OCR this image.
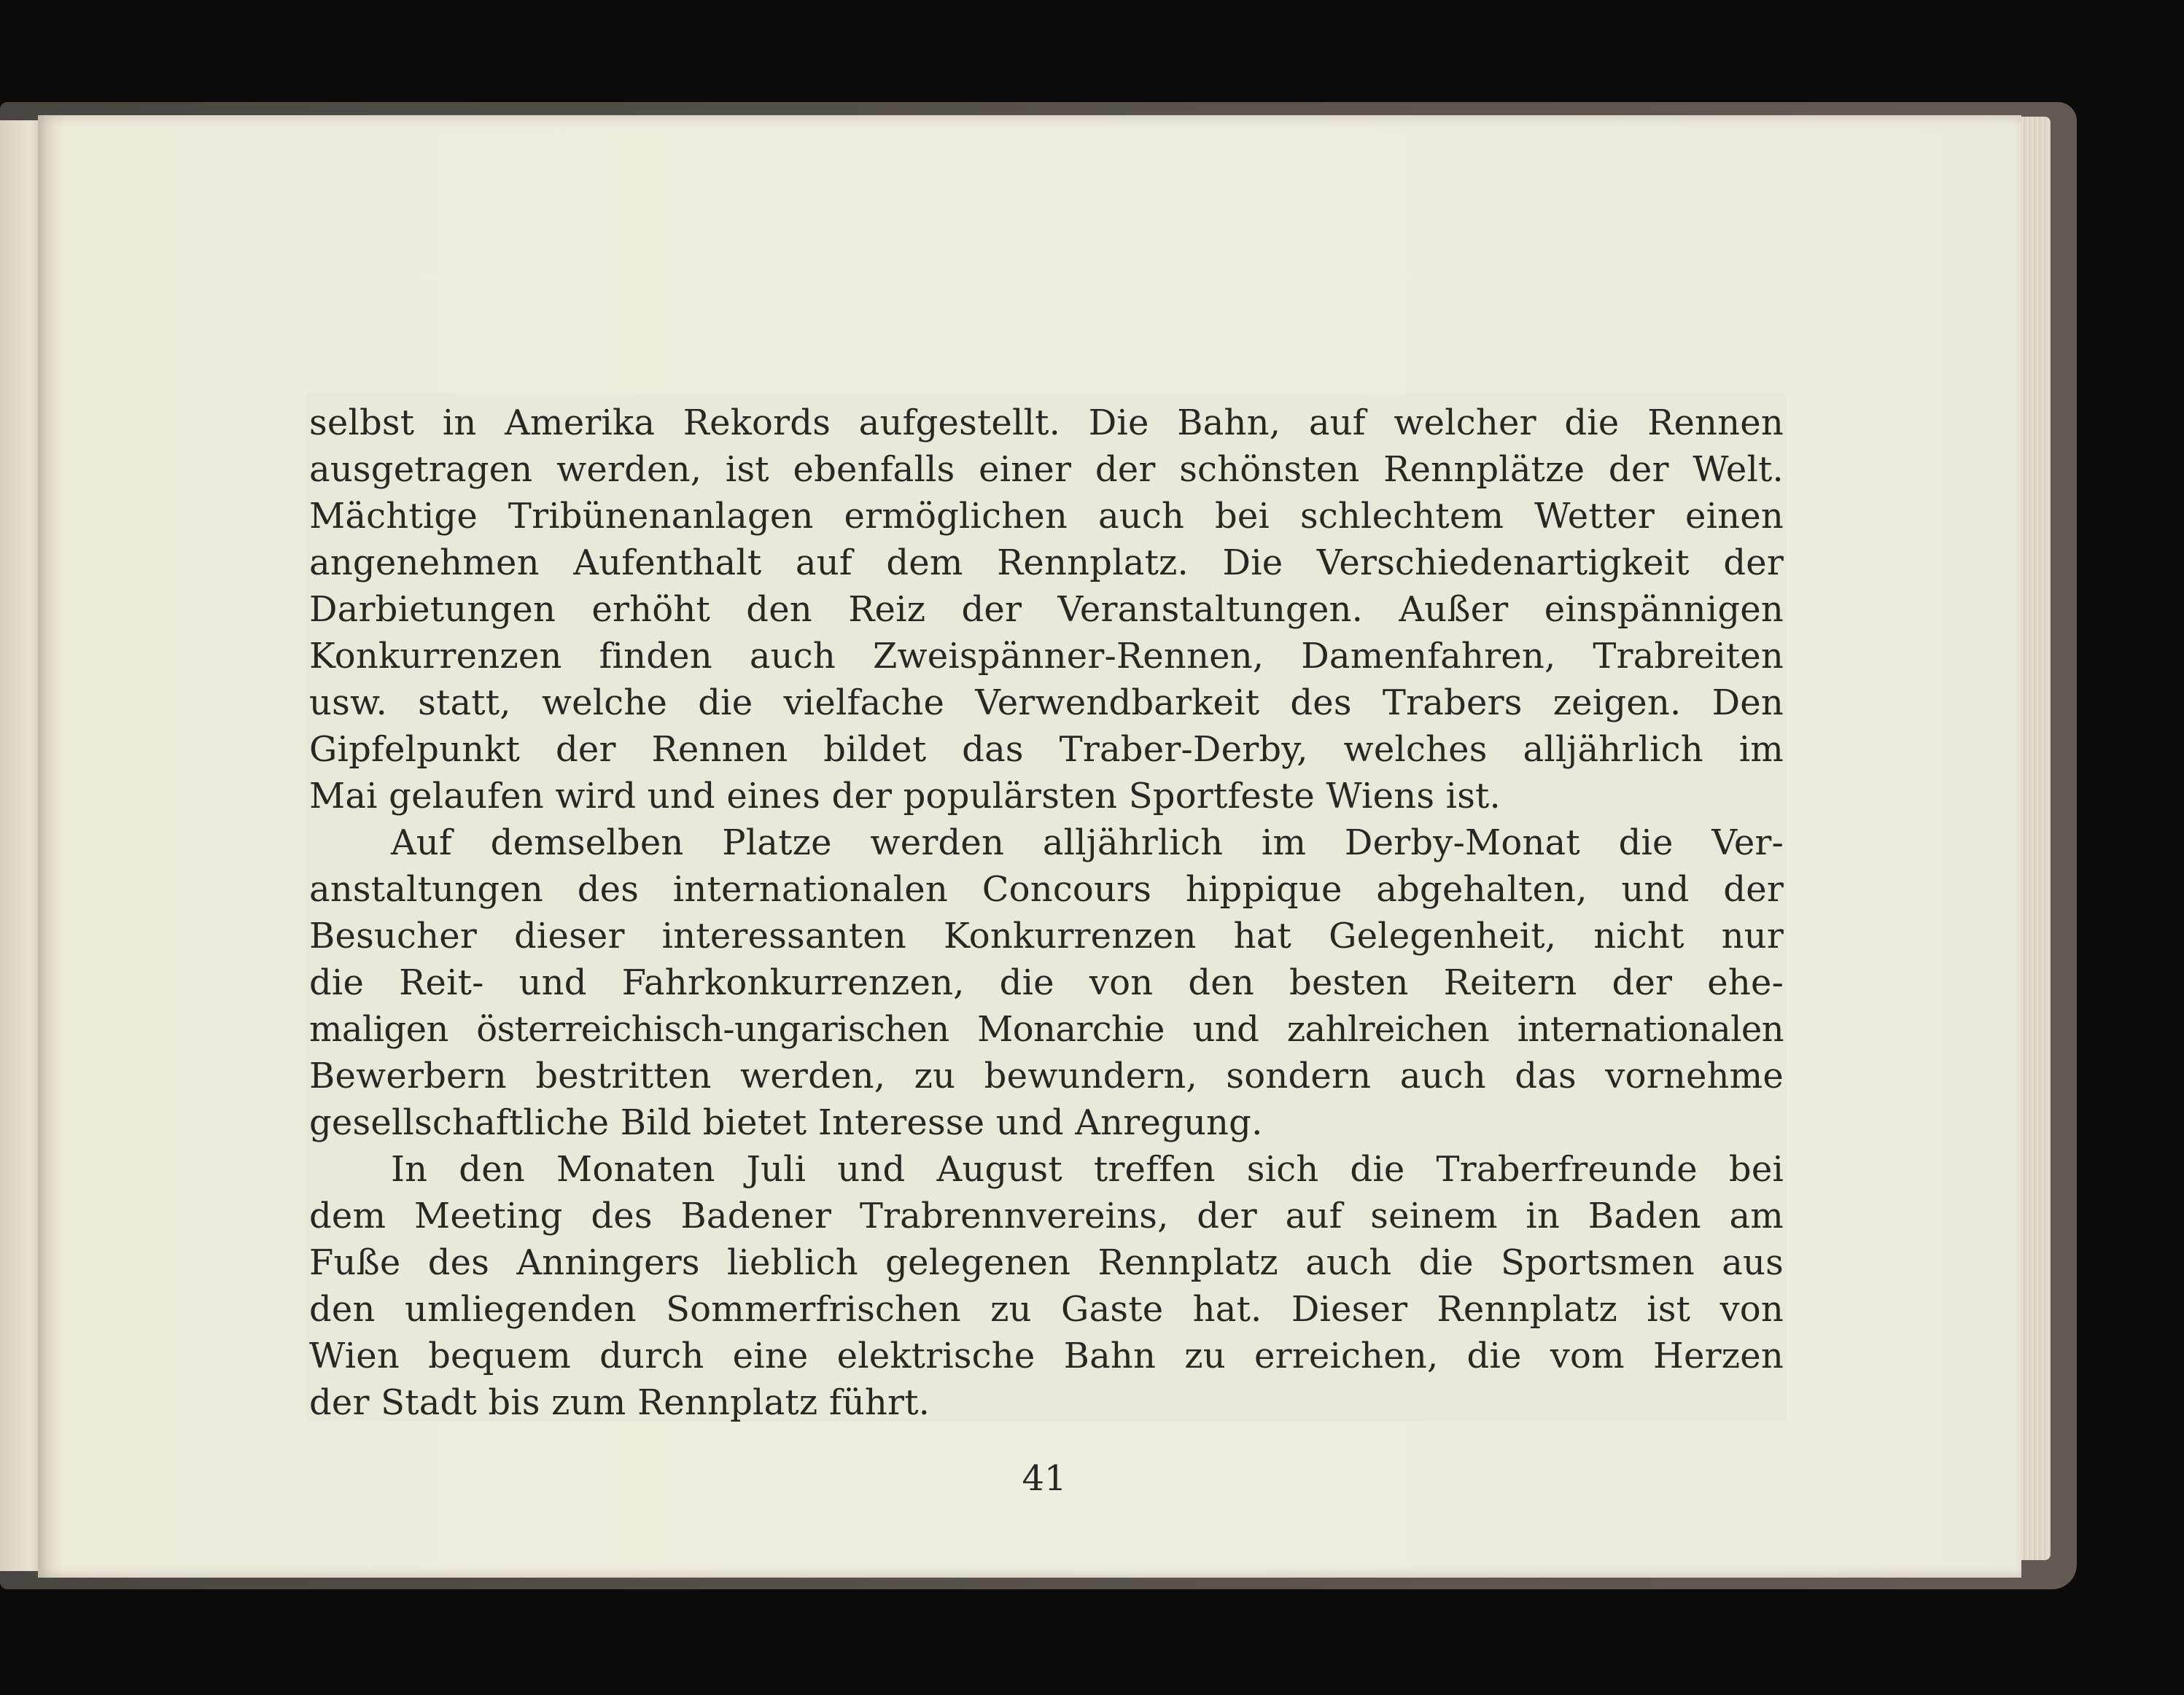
selbst in Amerika Rekords aufgestellt. Die Bahn, auf welcher die Rennen
ausgetragen werden, ist ebenfalls einer der schönsten Rennplätze der Welt.
Mächtige Tribünenanlagen ermöglichen auch bei schlechtem Wetter einen
angenehmen Aufenthalt auf dem Rennplatz. Die Verschiedenartigkeit der
Darbietungen erhöht den Reiz der Veranstaltungen. Außer einspännigen
Konkurrenzen finden auch Zweispänner-Rennen, Damenfahren, Trabreiten
usw. statt, welche die vielfache Verwendbarkeit des Trabers zeigen. Den
Gipfelpunkt der Rennen bildet das Traber-Derby, welches alljährlich im
Mai gelaufen wird und eines der populärsten Sportfeste Wiens ist.
Auf demselben Platze werden alljährlich im Derby-Monat die Ver-
anstaltungen des internationalen Concours hippique abgehalten, und der
Besucher dieser interessanten Konkurrenzen hat Gelegenheit, nicht nur
die Reit- und Fahrkonkurrenzen, die von den besten Reitern der ehe-
maligen österreichisch-ungarischen Monarchie und zahlreichen internationalen
Bewerbern bestritten werden, zu bewundern, sondern auch das vornehme
gesellschaftliche Bild bietet Interesse und Anregung.
In den Monaten Juli und August treffen sich die Traberfreunde bei
dem Meeting des Badener Trabrennvereins, der auf seinem in Baden am
Fuße des Anningers lieblich gelegenen Rennplatz auch die Sportsmen aus
den umliegenden Sommerfrischen zu Gaste hat. Dieser Rennplatz ist von
Wien bequem durch eine elektrische Bahn zu erreichen, die vom Herzen
der Stadt bis zum Rennplatz führt.
41
